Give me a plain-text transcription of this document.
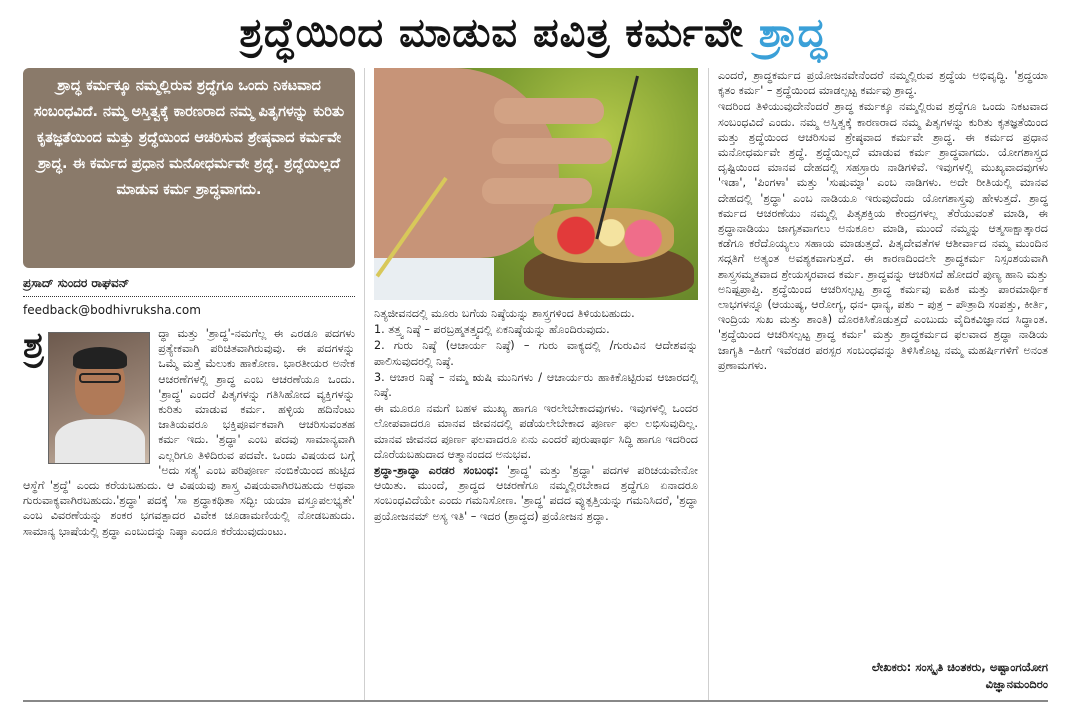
ಶ್ರದ್ಧೆಯಿಂದ ಮಾಡುವ ಪವಿತ್ರ ಕರ್ಮವೇ ಶ್ರಾದ್ಧ
ಶ್ರಾದ್ಧ ಕರ್ಮಕ್ಕೂ ನಮ್ಮಲ್ಲಿರುವ ಶ್ರದ್ಧೆಗೂ ಒಂದು ನಿಕಟವಾದ ಸಂಬಂಧವಿದೆ. ನಮ್ಮ ಅಸ್ತಿತ್ವಕ್ಕೆ ಕಾರಣರಾದ ನಮ್ಮ ಪಿತೃಗಳನ್ನು ಕುರಿತು ಕೃತಜ್ಞತೆಯಿಂದ ಮತ್ತು ಶ್ರದ್ಧೆಯಿಂದ ಆಚರಿಸುವ ಶ್ರೇಷ್ಠವಾದ ಕರ್ಮವೇ ಶ್ರಾದ್ಧ. ಈ ಕರ್ಮದ ಪ್ರಧಾನ ಮನೋಧರ್ಮವೇ ಶ್ರದ್ಧೆ. ಶ್ರದ್ಧೆಯಿಲ್ಲದೆ ಮಾಡುವ ಕರ್ಮ ಶ್ರಾದ್ಧವಾಗದು.
ಪ್ರಸಾದ್ ಸುಂದರ ರಾಘವನ್
feedback@bodhivruksha.com
ಶ್ರ	ದ್ಧಾ ಮತ್ತು 'ಶ್ರಾದ್ಧ'-ನಮಗೆಲ್ಲ ಈ ಎರಡೂ ಪದಗಳು ಪ್ರತ್ಯೇಕವಾಗಿ ಪರಿಚಿತವಾಗಿರುವುವು. ಈ ಪದಗಳನ್ನು ಒಮ್ಮೆ ಮತ್ತೆ ಮೆಲುಕು ಹಾಕೋಣ. ಭಾರತೀಯರ ಅನೇಕ ಆಚರಣೆಗಳಲ್ಲಿ ಶ್ರಾದ್ಧ ಎಂಬ ಆಚರಣೆಯೂ ಒಂದು. 'ಶ್ರಾದ್ಧ' ಎಂದರೆ ಪಿತೃಗಳನ್ನು ಗತಿಸಿಹೋದ ವ್ಯಕ್ತಿಗಳನ್ನು ಕುರಿತು ಮಾಡುವ ಕರ್ಮ. ಹಳ್ಳಿಯ ಹದಿನೆಂಟು ಜಾತಿಯವರೂ ಭಕ್ತಿಪೂರ್ವಕವಾಗಿ ಆಚರಿಸುವಂತಹ ಕರ್ಮ ಇದು. 'ಶ್ರದ್ಧಾ' ಎಂಬ ಪದವು ಸಾಮಾನ್ಯವಾಗಿ ಎಲ್ಲರಿಗೂ ತಿಳಿದಿರುವ ಪದವೇ. ಒಂದು ವಿಷಯದ ಬಗ್ಗೆ 'ಅದು ಸತ್ಯ' ಎಂಬ ಪರಿಪೂರ್ಣ ನಂಬಿಕೆಯಿಂದ ಹುಟ್ಟಿದ ಆಸ್ಥೆಗೆ 'ಶ್ರದ್ಧೆ' ಎಂದು ಕರೆಯಬಹುದು. ಆ ವಿಷಯವು ಶಾಸ್ತ್ರ ವಿಷಯವಾಗಿರಬಹುದು ಅಥವಾ ಗುರುವಾಕ್ಯವಾಗಿರಬಹುದು.'ಶ್ರದ್ಧಾ' ಪದಕ್ಕೆ 'ಸಾ ಶ್ರದ್ಧಾಕಥಿತಾ ಸದ್ಭಿಃ ಯಯಾ ವಸ್ತೂಪಲಭ್ಯತೇ' ಎಂಬ ವಿವರಣೆಯನ್ನು ಶಂಕರ ಭಗವತ್ಪಾದರ ವಿವೇಕ ಚೂಡಾಮಣಿಯಲ್ಲಿ ನೋಡಬಹುದು. ಸಾಮಾನ್ಯ ಭಾಷೆಯಲ್ಲಿ ಶ್ರದ್ಧಾ ಎಂಬುದನ್ನು ನಿಷ್ಠಾ ಎಂದೂ ಕರೆಯುವುದುಂಟು.

ನಿತ್ಯಜೀವನದಲ್ಲಿ ಮೂರು ಬಗೆಯ ನಿಷ್ಠೆಯನ್ನು ಶಾಸ್ತ್ರಗಳಿಂದ ತಿಳಿಯಬಹುದು.

1. ತತ್ತ್ವ ನಿಷ್ಠೆ – ಪರಬ್ರಹ್ಮತತ್ತ್ವದಲ್ಲಿ ಏಕನಿಷ್ಠೆಯನ್ನು ಹೊಂದಿರುವುದು.

2. ಗುರು ನಿಷ್ಠೆ (ಆಚಾರ್ಯ ನಿಷ್ಠೆ) – ಗುರು ವಾಕ್ಯದಲ್ಲಿ /ಗುರುವಿನ ಆದೇಶವನ್ನು ಪಾಲಿಸುವುದರಲ್ಲಿ ನಿಷ್ಠೆ.

3. ಆಚಾರ ನಿಷ್ಠೆ – ನಮ್ಮ ಋಷಿ ಮುನಿಗಳು / ಆಚಾರ್ಯರು ಹಾಕಿಕೊಟ್ಟಿರುವ ಆಚಾರದಲ್ಲಿ ನಿಷ್ಠೆ.

ಈ ಮೂರೂ ನಮಗೆ ಬಹಳ ಮುಖ್ಯ ಹಾಗೂ ಇರಲೇಬೇಕಾದವುಗಳು. ಇವುಗಳಲ್ಲಿ ಒಂದರ ಲೋಪವಾದರೂ ಮಾನವ ಜೀವನದಲ್ಲಿ ಪಡೆಯಲೇಬೇಕಾದ ಪೂರ್ಣ ಫಲ ಲಭಿಸುವುದಿಲ್ಲ. ಮಾನವ ಜೀವನದ ಪೂರ್ಣ ಫಲವಾದರೂ ಏನು ಎಂದರೆ ಪುರುಷಾರ್ಥ ಸಿದ್ಧಿ ಹಾಗೂ ಇದರಿಂದ ದೊರೆಯಬಹುದಾದ ಆತ್ಮಾನಂದದ ಅನುಭವ.

ಶ್ರದ್ಧಾ-ಶ್ರಾದ್ಧಾ ಎರಡರ ಸಂಬಂಧ: 'ಶ್ರಾದ್ಧ' ಮತ್ತು 'ಶ್ರದ್ಧಾ' ಪದಗಳ ಪರಿಚಯವೇನೋ ಆಯಿತು. ಮುಂದೆ, ಶ್ರಾದ್ಧದ ಆಚರಣೆಗೂ ನಮ್ಮಲ್ಲಿರಬೇಕಾದ ಶ್ರದ್ಧೆಗೂ ಏನಾದರೂ ಸಂಬಂಧವಿದೆಯೇ ಎಂದು ಗಮನಿಸೋಣ. 'ಶ್ರಾದ್ಧ' ಪದದ ವ್ಯುತ್ಪತ್ತಿಯನ್ನು ಗಮನಿಸಿದರೆ, 'ಶ್ರದ್ಧಾ ಪ್ರಯೋಜನಮ್ ಅಸ್ಯ ಇತಿ' – ಇದರ (ಶ್ರಾದ್ಧದ) ಪ್ರಯೋಜನ ಶ್ರದ್ಧಾ.

ಎಂದರೆ, ಶ್ರಾದ್ಧಕರ್ಮದ ಪ್ರಯೋಜನವೇನೆಂದರೆ ನಮ್ಮಲ್ಲಿರುವ ಶ್ರದ್ಧೆಯ ಅಭಿವೃದ್ಧಿ. 'ಶ್ರದ್ಧಯಾ ಕೃತಂ ಕರ್ಮ' – ಶ್ರದ್ಧೆಯಿಂದ ಮಾಡಲ್ಪಟ್ಟ ಕರ್ಮವು ಶ್ರಾದ್ಧ.

ಇದರಿಂದ ತಿಳಿಯುವುದೇನೆಂದರೆ ಶ್ರಾದ್ಧ ಕರ್ಮಕ್ಕೂ ನಮ್ಮಲ್ಲಿರುವ ಶ್ರದ್ಧೆಗೂ ಒಂದು ನಿಕಟವಾದ ಸಂಬಂಧವಿದೆ ಎಂದು. ನಮ್ಮ ಅಸ್ತಿತ್ವಕ್ಕೆ ಕಾರಣರಾದ ನಮ್ಮ ಪಿತೃಗಳನ್ನು ಕುರಿತು ಕೃತಜ್ಞತೆಯಿಂದ ಮತ್ತು ಶ್ರದ್ಧೆಯಿಂದ ಆಚರಿಸುವ ಶ್ರೇಷ್ಠವಾದ ಕರ್ಮವೇ ಶ್ರಾದ್ಧ. ಈ ಕರ್ಮದ ಪ್ರಧಾನ ಮನೋಧರ್ಮವೇ ಶ್ರದ್ಧೆ. ಶ್ರದ್ಧೆಯಿಲ್ಲದೆ ಮಾಡುವ ಕರ್ಮ ಶ್ರಾದ್ಧವಾಗದು. ಯೋಗಶಾಸ್ತ್ರದ ದೃಷ್ಟಿಯಿಂದ ಮಾನವ ದೇಹದಲ್ಲಿ ಸಹಸ್ರಾರು ನಾಡಿಗಳಿವೆ. ಇವುಗಳಲ್ಲಿ ಮುಖ್ಯವಾದವುಗಳು 'ಇಡಾ', 'ಪಿಂಗಳಾ' ಮತ್ತು 'ಸುಷುಮ್ನಾ' ಎಂಬ ನಾಡಿಗಳು. ಅದೇ ರೀತಿಯಲ್ಲಿ ಮಾನವ ದೇಹದಲ್ಲಿ 'ಶ್ರದ್ಧಾ' ಎಂಬ ನಾಡಿಯೂ ಇರುವುದೆಂದು ಯೋಗಶಾಸ್ತ್ರವು ಹೇಳುತ್ತದೆ. ಶ್ರಾದ್ಧ ಕರ್ಮದ ಆಚರಣೆಯು ನಮ್ಮಲ್ಲಿ ಪಿತೃಶಕ್ತಿಯ ಕೇಂದ್ರಗಳಲ್ಲ ತೆರೆಯುವಂತೆ ಮಾಡಿ, ಈ ಶ್ರದ್ಧಾನಾಡಿಯು ಜಾಗೃತವಾಗಲು ಅನುಕೂಲ ಮಾಡಿ, ಮುಂದೆ ನಮ್ಮನ್ನು ಆತ್ಮಸಾಕ್ಷಾತ್ಕಾರದ ಕಡೆಗೂ ಕರೆದೊಯ್ಯಲು ಸಹಾಯ ಮಾಡುತ್ತದೆ. ಪಿತೃದೇವತೆಗಳ ಆಶೀರ್ವಾದ ನಮ್ಮ ಮುಂದಿನ ಸದ್ಗತಿಗೆ ಅತ್ಯಂತ ಅವಶ್ಯಕವಾಗುತ್ತದೆ. ಈ ಕಾರಣದಿಂದಲೇ ಶ್ರಾದ್ಧಕರ್ಮ ನಿಸ್ಸಂಶಯವಾಗಿ ಶಾಸ್ತ್ರಸಮ್ಮತವಾದ ಶ್ರೇಯಸ್ಕರವಾದ ಕರ್ಮ. ಶ್ರಾದ್ಧವನ್ನು ಆಚರಿಸದೆ ಹೋದರೆ ಪುಣ್ಯ ಹಾನಿ ಮತ್ತು ಅನಿಷ್ಟಪ್ರಾಪ್ತಿ. ಶ್ರದ್ಧೆಯಿಂದ ಆಚರಿಸಲ್ಪಟ್ಟ ಶ್ರಾದ್ಧ ಕರ್ಮವು ಐಹಿಕ ಮತ್ತು ಪಾರಮಾರ್ಥಿಕ ಲಾಭಗಳನ್ನೂ (ಆಯುಷ್ಯ, ಆರೋಗ್ಯ, ಧನ- ಧಾನ್ಯ, ಪಶು – ಪುತ್ರ – ಪೌತ್ರಾದಿ ಸಂಪತ್ತು, ಕೀರ್ತಿ, ಇಂದ್ರಿಯ ಸುಖ ಮತ್ತು ಶಾಂತಿ) ದೊರಕಿಸಿಕೊಡುತ್ತದೆ ಎಂಬುದು ವೈದಿಕವಿಜ್ಞಾನದ ಸಿದ್ಧಾಂತ. 'ಶ್ರದ್ಧೆಯಿಂದ ಆಚರಿಸಲ್ಪಟ್ಟ ಶ್ರಾದ್ಧ ಕರ್ಮ' ಮತ್ತು ಶ್ರಾದ್ಧಕರ್ಮದ ಫಲವಾದ ಶ್ರದ್ಧಾ ನಾಡಿಯ ಜಾಗೃತಿ –ಹೀಗೆ ಇವೆರಡರ ಪರಸ್ಪರ ಸಂಬಂಧವನ್ನು ತಿಳಿಸಿಕೊಟ್ಟ ನಮ್ಮ ಮಹರ್ಷಿಗಳಿಗೆ ಅನಂತ ಪ್ರಣಾಮಗಳು.

ಲೇಖಕರು: ಸಂಸ್ಕೃತಿ ಚಿಂತಕರು, ಅಷ್ಟಾಂಗಯೋಗ
ವಿಜ್ಞಾನಮಂದಿರಂ
